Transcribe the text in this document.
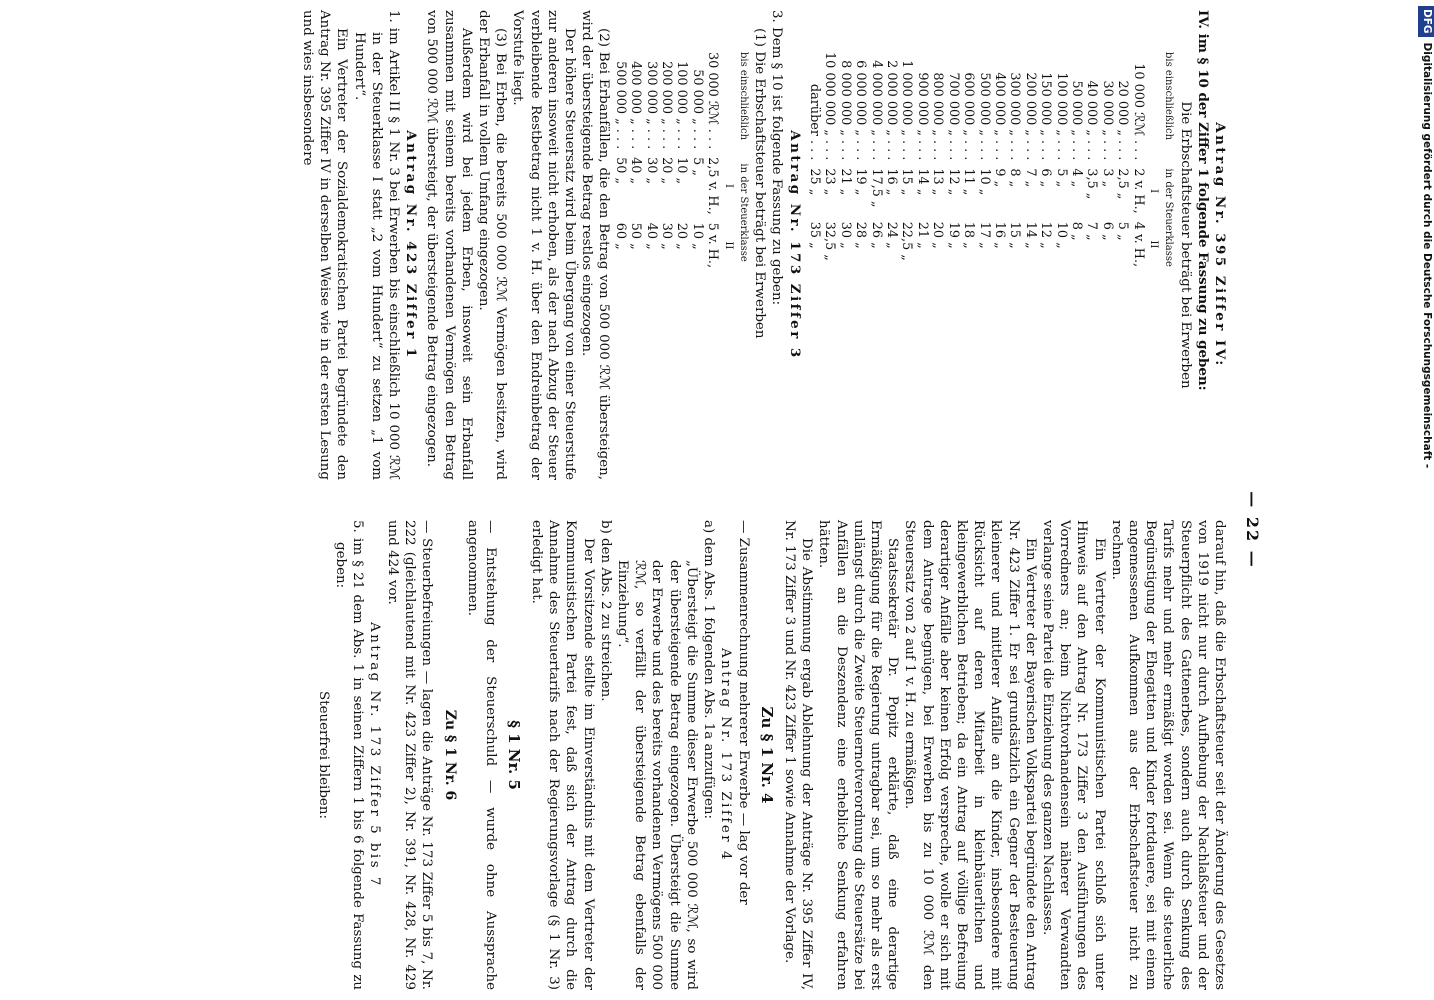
— 22 —

Antrag Nr. 395 Ziffer IV:

IV. im § 10 der Ziffer 1 folgende Fassung zu geben:

Die Erbschaftsteuer beträgt bei Erwerben

bis einschließlich	in der Steuerklasse	
	I	II
10 000 ℛℳ . . .	2 v. H.,	4 v. H.,
20 000 „ . . .	2,5 „	5 „
30 000 „ . . .	3 „	6 „
40 000 „ . . .	3,5 „	7 „
50 000 „ . . .	4 „	8 „
100 000 „ . . .	5 „	10 „
150 000 „ . . .	6 „	12 „
200 000 „ . . .	7 „	14 „
300 000 „ . . .	8 „	15 „
400 000 „ . . .	9 „	16 „
500 000 „ . . .	10 „	17 „
600 000 „ . . .	11 „	18 „
700 000 „ . . .	12 „	19 „
800 000 „ . . .	13 „	20 „
900 000 „ . . .	14 „	21 „
1 000 000 „ . . .	15 „	22,5 „
2 000 000 „ . . .	16 „	24 „
4 000 000 „ . . .	17,5 „	26 „
6 000 000 „ . . .	19 „	28 „
8 000 000 „ . . .	21 „	30 „
10 000 000 „ . . .	23 „	32,5 „
darüber . . .	25 „	35 „

Antrag Nr. 173 Ziffer 3

3. Dem § 10 ist folgende Fassung zu geben:

(1) Die Erbschaftsteuer beträgt bei Erwerben

bis einschließlich	in der Steuerklasse	
	I	II
30 000 ℛℳ . . .	2,5 v. H.,	5 v. H.,
50 000 „ . . .	5 „	10 „
100 000 „ . . .	10 „	20 „
200 000 „ . . .	20 „	30 „
300 000 „ . . .	30 „	40 „
400 000 „ . . .	40 „	50 „
500 000 „ . . .	50 „	60 „

(2) Bei Erbanfällen, die den Betrag von 500 000 ℛℳ übersteigen, wird der übersteigende Betrag restlos eingezogen.

Der höhere Steuersatz wird beim Übergang von einer Steuerstufe zur anderen insoweit nicht erhoben, als der nach Abzug der Steuer verbleibende Restbetrag nicht 1 v. H. über den Endreinbetrag der Vorstufe liegt.

(3) Bei Erben, die bereits 500 000 ℛℳ Vermögen besitzen, wird der Erbanfall in vollem Umfang eingezogen.

Außerdem wird bei jedem Erben, insoweit sein Erbanfall zusammen mit seinem bereits vorhandenen Vermögen den Betrag von 500 000 ℛℳ übersteigt, der übersteigende Betrag eingezogen.

Antrag Nr. 423 Ziffer 1

1. im Artikel II § 1 Nr. 3 bei Erwerben bis einschließlich 10 000 ℛℳ in der Steuerklasse I statt „2 vom Hundert“ zu setzen „1 vom Hundert“.

Ein Vertreter der Sozialdemokratischen Partei begründete den Antrag Nr. 395 Ziffer IV in derselben Weise wie in der ersten Lesung und wies insbesondere

darauf hin, daß die Erbschaftsteuer seit der Änderung des Gesetzes von 1919 nicht nur durch Aufhebung der Nachlaßsteuer und der Steuerpflicht des Gattenerbes, sondern auch durch Senkung des Tarifs mehr und mehr ermäßigt worden sei. Wenn die steuerliche Begünstigung der Ehegatten und Kinder fortdauere, sei mit einem angemessenen Aufkommen aus der Erbschaftsteuer nicht zu rechnen.

Ein Vertreter der Kommunistischen Partei schloß sich unter Hinweis auf den Antrag Nr. 173 Ziffer 3 den Ausführungen des Vorredners an; beim Nichtvorhandensein näherer Verwandten verlange seine Partei die Einziehung des ganzen Nachlasses.

Ein Vertreter der Bayerischen Volkspartei begründete den Antrag Nr. 423 Ziffer 1. Er sei grundsätzlich ein Gegner der Besteuerung kleinerer und mittlerer Anfälle an die Kinder, insbesondere mit Rücksicht auf deren Mitarbeit in kleinbäuerlichen und kleingewerblichen Betrieben; da ein Antrag auf völlige Befreiung derartiger Anfälle aber keinen Erfolg verspreche, wolle er sich mit dem Antrage begnügen, bei Erwerben bis zu 10 000 ℛℳ den Steuersatz von 2 auf 1 v. H. zu ermäßigen.

Staatssekretär Dr. Popitz erklärte, daß eine derartige Ermäßigung für die Regierung untragbar sei, um so mehr als erst unlängst durch die Zweite Steuernotverordnung die Steuersätze bei Anfällen an die Deszendenz eine erhebliche Senkung erfahren hätten.

Die Abstimmung ergab Ablehnung der Anträge Nr. 395 Ziffer IV, Nr. 173 Ziffer 3 und Nr. 423 Ziffer 1 sowie Annahme der Vorlage.

Zu § 1 Nr. 4

— Zusammenrechnung mehrerer Erwerbe — lag vor der

Antrag Nr. 173 Ziffer 4

a) dem Abs. 1 folgenden Abs. 1a anzufügen:

„Übersteigt die Summe dieser Erwerbe 500 000 ℛℳ, so wird der übersteigende Betrag eingezogen. Übersteigt die Summe der Erwerbe und des bereits vorhandenen Vermögens 500 000 ℛℳ, so verfällt der übersteigende Betrag ebenfalls der Einziehung“.

b) den Abs. 2 zu streichen.

Der Vorsitzende stellte im Einverständnis mit dem Vertreter der Kommunistischen Partei fest, daß sich der Antrag durch die Annahme des Steuertarifs nach der Regierungsvorlage (§ 1 Nr. 3) erledigt hat.

§ 1 Nr. 5

— Entstehung der Steuerschuld — wurde ohne Aussprache angenommen.

Zu § 1 Nr. 6

— Steuerbefreiungen — lagen die Anträge Nr. 173 Ziffer 5 bis 7, Nr. 222 (gleichlautend mit Nr. 423 Ziffer 2), Nr. 391, Nr. 428, Nr. 429 und 424 vor.

Antrag Nr. 173 Ziffer 5 bis 7

5. im § 21 dem Abs. 1 in seinen Ziffern 1 bis 6 folgende Fassung zu geben:

Steuerfrei bleiben:

DFGDigitalisierung gefördert durch die Deutsche Forschungsgemeinschaft -
